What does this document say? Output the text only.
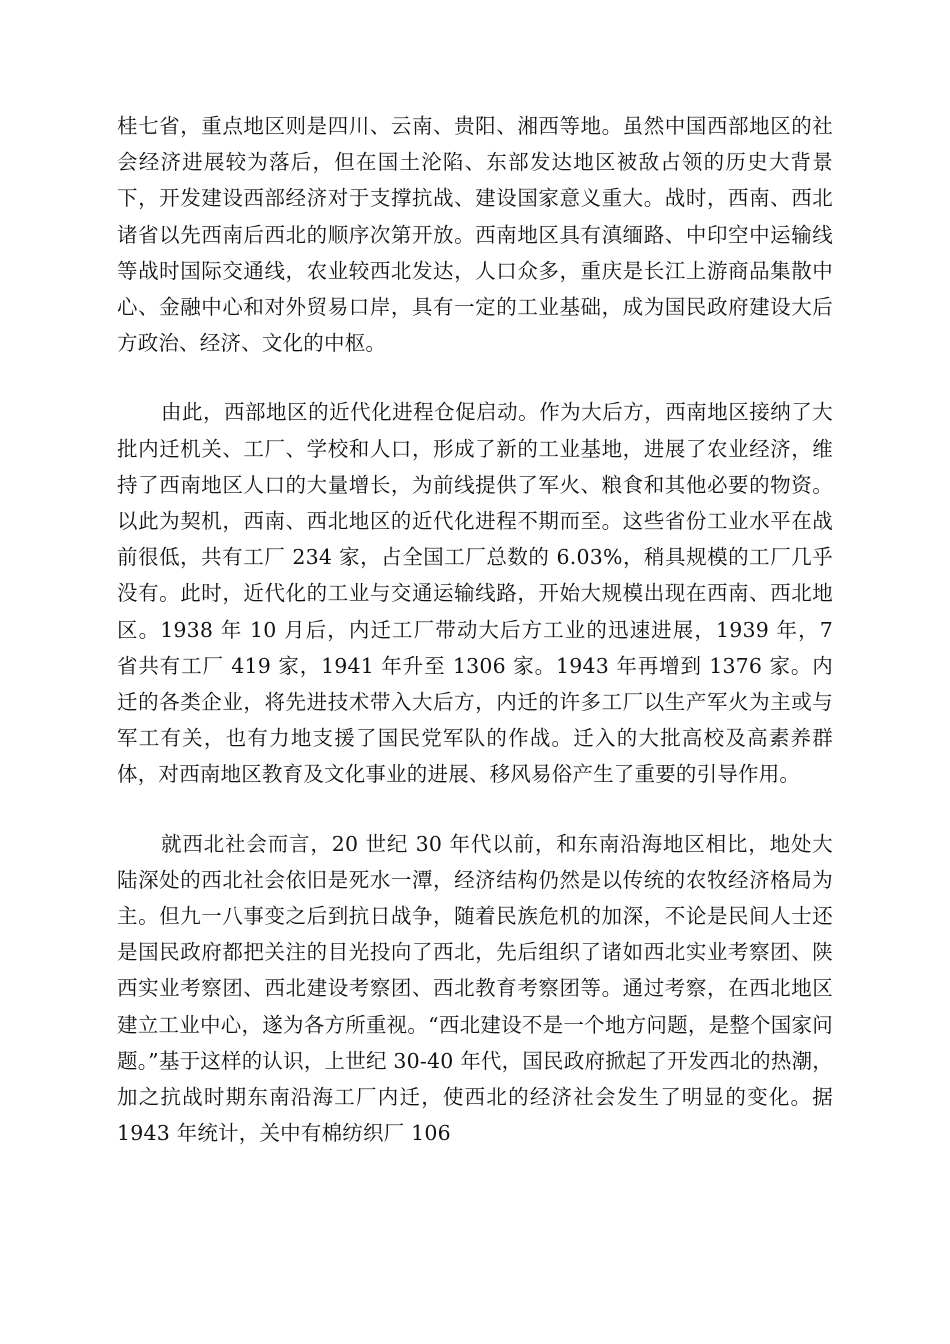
桂七省，重点地区则是四川、云南、贵阳、湘西等地。虽然中国西部地区的社会经济进展较为落后，但在国土沦陷、东部发达地区被敌占领的历史大背景下，开发建设西部经济对于支撑抗战、建设国家意义重大。战时，西南、西北诸省以先西南后西北的顺序次第开放。西南地区具有滇缅路、中印空中运输线等战时国际交通线，农业较西北发达，人口众多，重庆是长江上游商品集散中心、金融中心和对外贸易口岸，具有一定的工业基础，成为国民政府建设大后方政治、经济、文化的中枢。

由此，西部地区的近代化进程仓促启动。作为大后方，西南地区接纳了大批内迁机关、工厂、学校和人口，形成了新的工业基地，进展了农业经济，维持了西南地区人口的大量增长，为前线提供了军火、粮食和其他必要的物资。以此为契机，西南、西北地区的近代化进程不期而至。这些省份工业水平在战前很低，共有工厂 234 家，占全国工厂总数的 6.03%，稍具规模的工厂几乎没有。此时，近代化的工业与交通运输线路，开始大规模出现在西南、西北地区。1938 年 10 月后，内迁工厂带动大后方工业的迅速进展，1939 年，7 省共有工厂 419 家，1941 年升至 1306 家。1943 年再增到 1376 家。内迁的各类企业，将先进技术带入大后方，内迁的许多工厂以生产军火为主或与军工有关，也有力地支援了国民党军队的作战。迁入的大批高校及高素养群体，对西南地区教育及文化事业的进展、移风易俗产生了重要的引导作用。

就西北社会而言，20 世纪 30 年代以前，和东南沿海地区相比，地处大陆深处的西北社会依旧是死水一潭，经济结构仍然是以传统的农牧经济格局为主。但九一八事变之后到抗日战争，随着民族危机的加深，不论是民间人士还是国民政府都把关注的目光投向了西北，先后组织了诸如西北实业考察团、陕西实业考察团、西北建设考察团、西北教育考察团等。通过考察，在西北地区建立工业中心，遂为各方所重视。“西北建设不是一个地方问题，是整个国家问题。”基于这样的认识，上世纪 30-40 年代，国民政府掀起了开发西北的热潮，加之抗战时期东南沿海工厂内迁，使西北的经济社会发生了明显的变化。据 1943 年统计，关中有棉纺织厂 106
